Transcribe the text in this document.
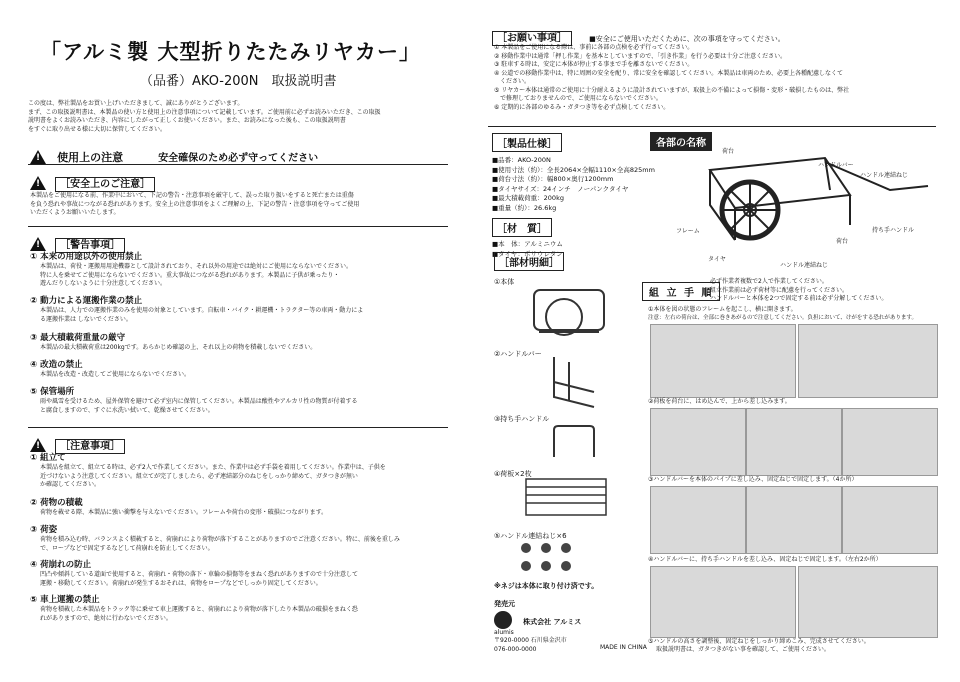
「アルミ製 大型折りたたみリヤカー」
（品番）AKO-200N　取扱説明書
この度は、弊社製品をお買い上げいただきまして、誠にありがとうございます。
まず、この取扱説明書は、本製品の使い方と使用上の注意事項について記載しています。ご使用前に必ずお読みいただき、この取扱
説明書をよくお読みいただき、内容にしたがって正しくお使いください。また、お読みになった後も、この取扱説明書
をすぐに取り出せる様に大切に保管してください。
! 使用上の注意	安全確保のため必ず守ってください
! ［安全上のご注意］
本製品をご使用になる前、作業中において、下記の警告・注意事項を厳守して、誤った取り扱いをすると死亡または重傷
を負う恐れや事故につながる恐れがあります。安全上の注意事項をよくご理解の上、下記の警告・注意事項を守ってご使用
いただくようお願いいたします。
! ［警告事項］
① 本来の用途以外の使用禁止
本製品は、荷役・運搬用用途機器として設計されており、それ以外の用途では絶対にご使用にならないでください。
特に人を乗せてご使用にならないでください。重大事故につながる恐れがあります。本製品に子供が乗ったり・
遊んだりしないように十分注意してください。
② 動力による運搬作業の禁止
本製品は、人力での運搬作業のみを使用の対象としています。自転車・バイク・耕運機・トラクター等の車両・動力によ
る運搬作業は しないでください。
③ 最大積載荷重量の厳守
本製品の最大積載荷重は200kgです。あらかじめ確認の上、それ以上の荷物を積載しないでください。
④ 改造の禁止
本製品を改造・改造してご使用にならないでください。
⑤ 保管場所
雨や風雪を受けるため、屋外保管を避けて必ず室内に保管してください。本製品は酸性やアルカリ性の物質が付着する
と腐食しますので、すぐに水洗い拭いて、乾燥させてください。
! ［注意事項］
① 組立て
本製品を組立て、組立てる時は、必ず2人で作業してください。また、作業中は必ず手袋を着用してください。作業中は、子供を
近づけないよう注意してください。組立てが完了しましたら、必ず連結部分のねじをしっかり締めて、ガタつきが無い
か確認してください。
② 荷物の積載
荷物を載せる際、本製品に強い衝撃を与えないでください。フレームや荷台の変形・破損につながります。
③ 荷姿
荷物を積み込む時、バランスよく積載すると、荷崩れにより荷物が落下することがありますのでご注意ください。特に、前後を重しみ
で、ロープなどで固定するなどして荷崩れを防止してください。
④ 荷崩れの防止
凹凸や傾斜している道面で使用すると、荷崩れ・荷物の落下・車輪の損傷等をまねく恐れがありますので十分注意して
運搬・移動してください。荷崩れが発生するおそれは、荷物をロープなどでしっかり固定してください。
⑤ 車上運搬の禁止
荷物を積載した本製品をトラック等に乗せて車上運搬すると、荷崩れにより荷物が落下したり本製品の破損をまねく恐
れがありますので、絶対に行わないでください。
［お願い事項］	■安全にご使用いただくために、次の事項を守ってください。
① 本製品をご使用になる際は、事前に各部の点検を必ず行ってください。
② 移動作業中は通常「押し作業」を基本としていますので、「引き作業」を行う必要は十分ご注意ください。
③ 駐車する時は、安定に本体が停止する事まで手を離さないでください。
④ 公道での移動作業中は、特に周囲の安全を配り、常に安全を確認してください。本製品は車両のため、必要上各種配慮しなくて
　ください。
⑤ リヤカー本体は通常のご使用に十分耐えるように設計されていますが、取扱上の不備によって損傷・変形・破損したものは、弊社
　で修理しておりませんので、ご使用にならないでください。
⑥ 定期的に各部のゆるみ・ガタつき等を必ず点検してください。
［製品仕様］
■品番：AKO-200N
■使用寸法（約）：全長2064×全幅1110×全高825mm
■荷台寸法（約）：幅800×奥行1200mm
■タイヤサイズ：24インチ　ノーパンクタイヤ
■最大積載荷重：200kg
■重量（約）：26.6kg
［材　質］
■本　体：アルミニウム
■タイヤ：ポリウレタン
各部の名称
荷台
ハンドルバー
ハンドル連結ねじ
持ち手ハンドル
フレーム
荷台
タイヤ
ハンドル連結ねじ
［部材明細］
①本体
②ハンドルバー
③持ち手ハンドル
④荷板×2枚
⑤ハンドル連結ねじ×6
※ネジは本体に取り付け済です。
発売元
株式会社 アルミス
alumis
〒920-0000 石川県金沢市
076-000-0000	MADE IN CHINA
組 立 手 順
必ず作業者複数で2人で作業してください。
組立作業前は必ず荷材等に配慮を行ってください。
ハンドルバーと本体を2つで固定する前は必ず分解してください。
①本体を図の状態のフレームを起こし、横に開きます。
注意：左右の荷台は、全部に巻きあがるので注意してください。負担において、けがをする恐れがあります。
②荷板を荷台に、はめ込んで、上から差し込みます。
③ハンドルバーを本体のパイプに差し込み、固定ねじで固定します。（4か所）
④ハンドルバーに、持ち手ハンドルを差し込み、固定ねじで固定します。（左右2か所）
⑤ハンドルの高さを調整後、固定ねじをしっかり締めこみ、完成させてください。
取扱説明書は、ガタつきがない事を確認して、ご使用ください。
